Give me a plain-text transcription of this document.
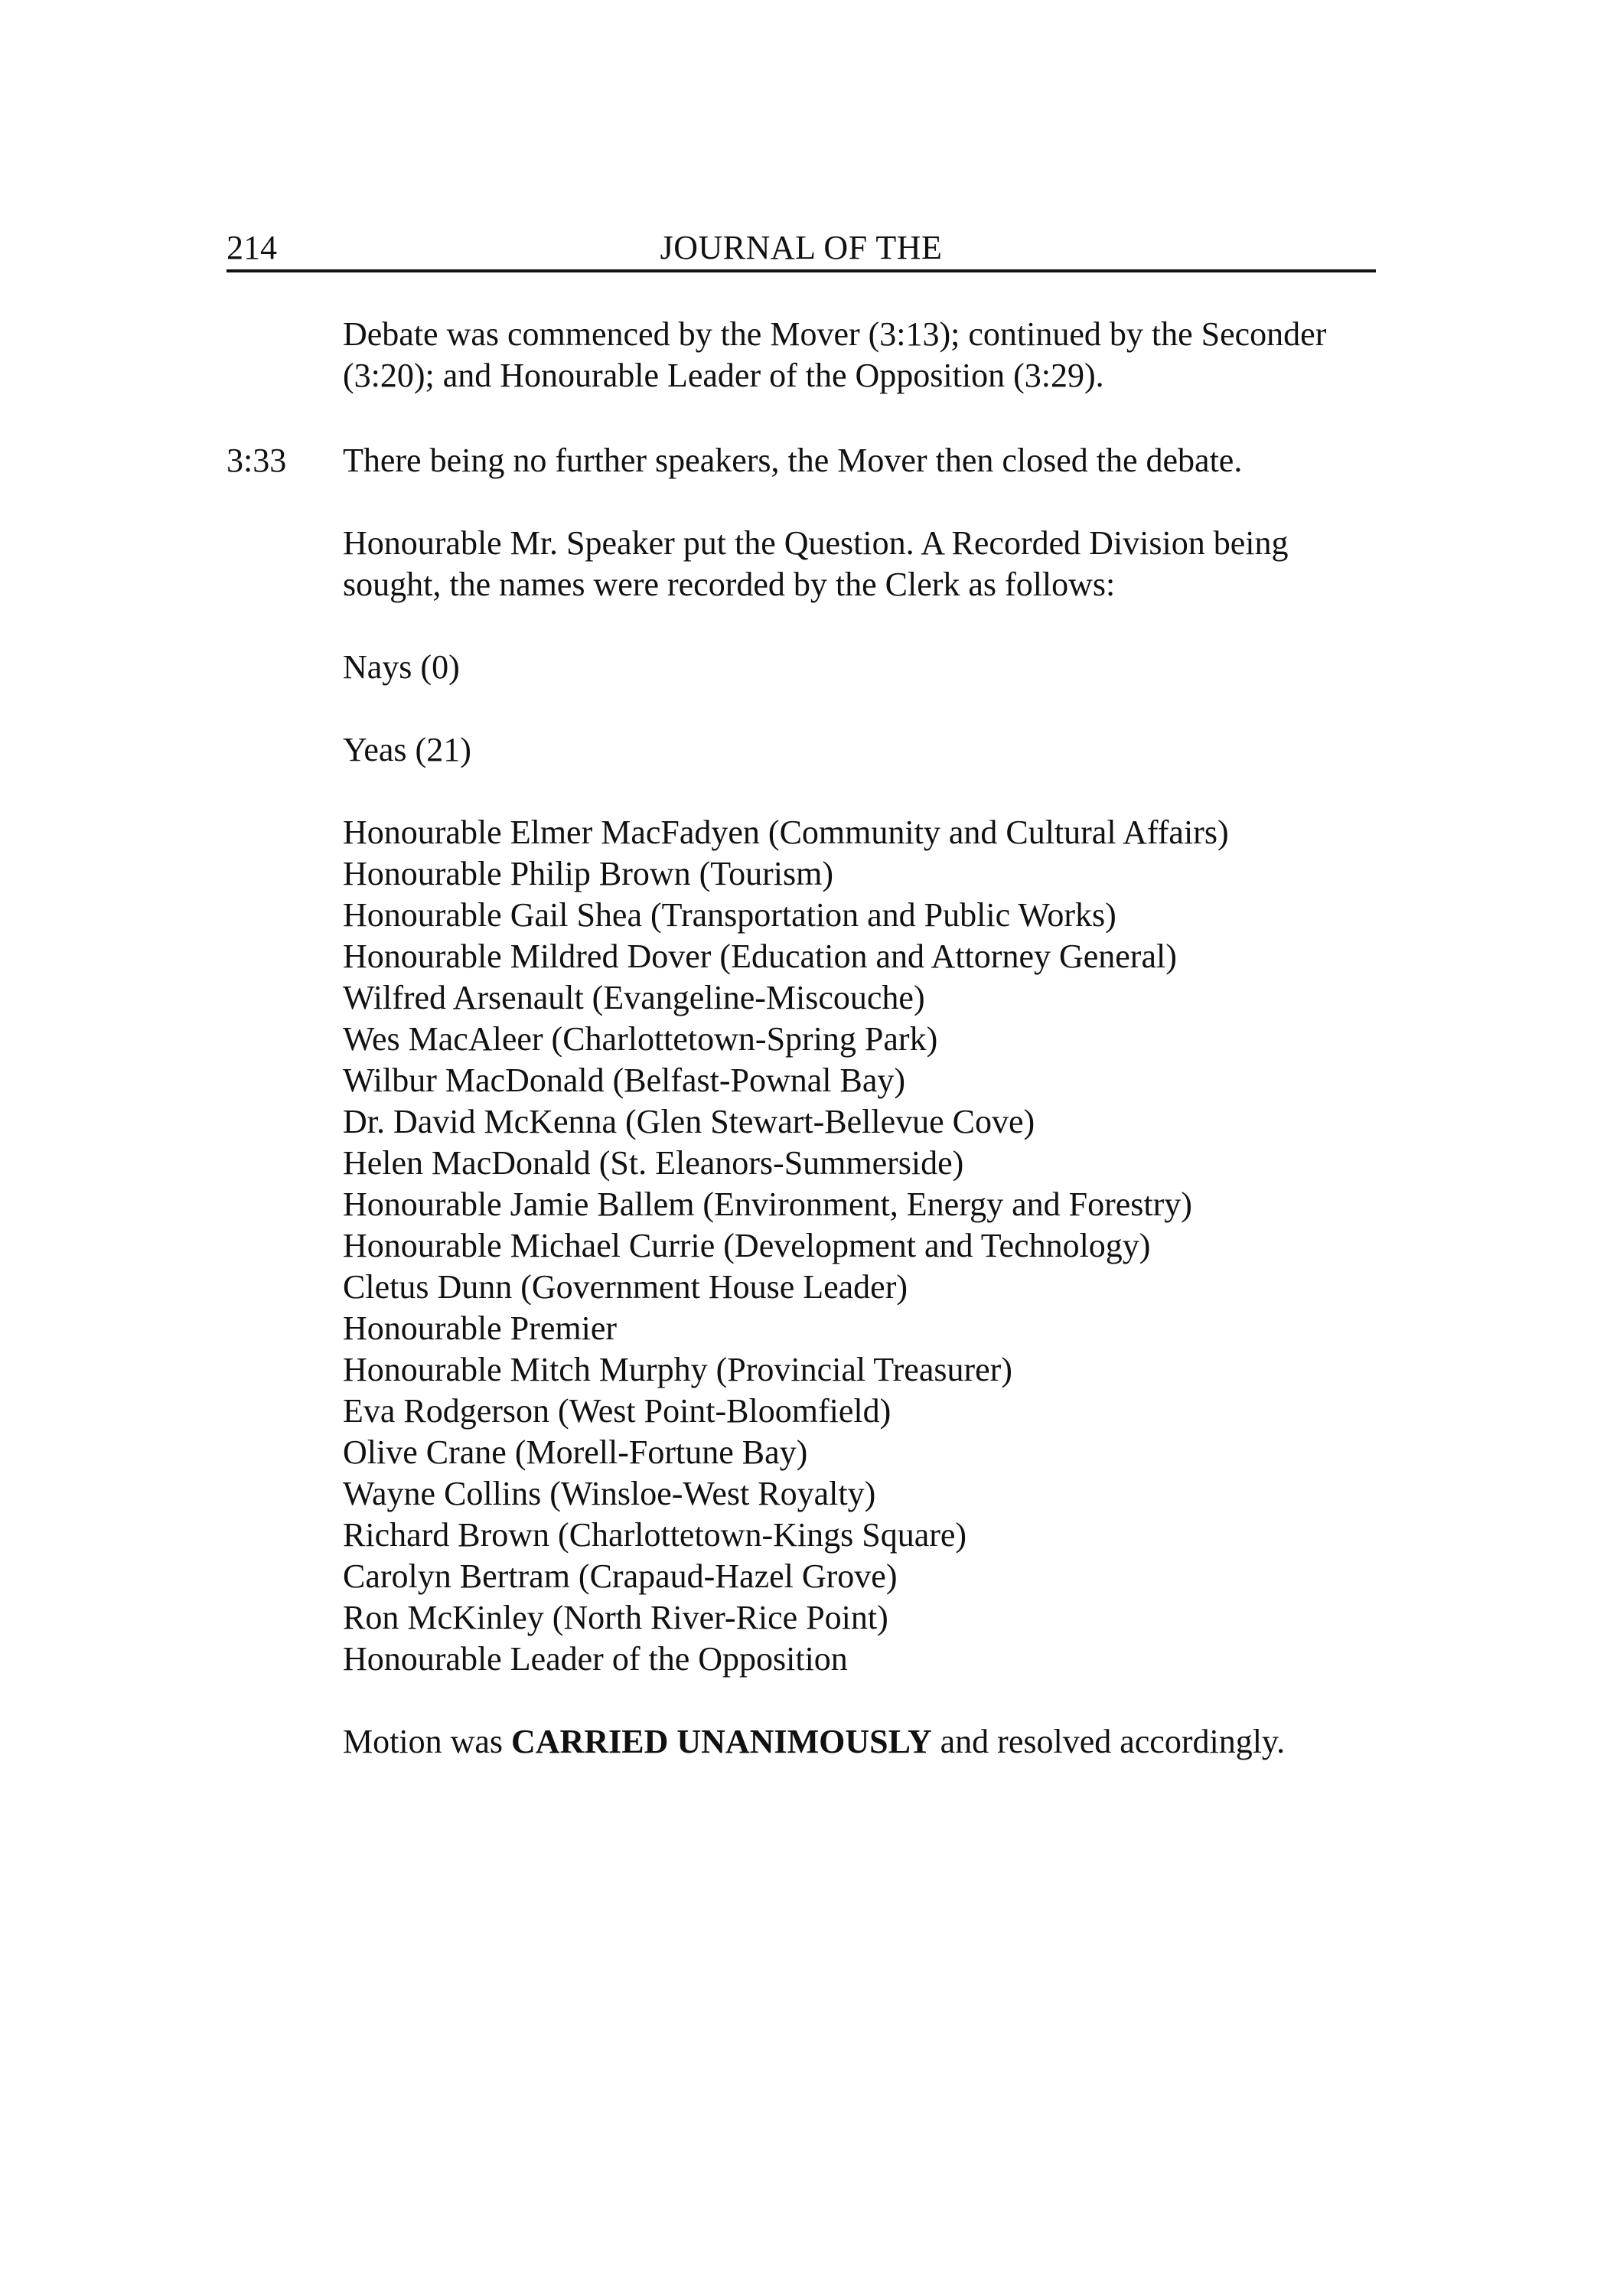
214	JOURNAL OF THE

Debate was commenced by the Mover (3:13); continued by the Seconder (3:20); and Honourable Leader of the Opposition (3:29).

3:33 There being no further speakers, the Mover then closed the debate.

Honourable Mr. Speaker put the Question. A Recorded Division being sought, the names were recorded by the Clerk as follows:

Nays (0)

Yeas (21)

Honourable Elmer MacFadyen (Community and Cultural Affairs)
Honourable Philip Brown (Tourism)
Honourable Gail Shea (Transportation and Public Works)
Honourable Mildred Dover (Education and Attorney General)
Wilfred Arsenault (Evangeline-Miscouche)
Wes MacAleer (Charlottetown-Spring Park)
Wilbur MacDonald (Belfast-Pownal Bay)
Dr. David McKenna (Glen Stewart-Bellevue Cove)
Helen MacDonald (St. Eleanors-Summerside)
Honourable Jamie Ballem (Environment, Energy and Forestry)
Honourable Michael Currie (Development and Technology)
Cletus Dunn (Government House Leader)
Honourable Premier
Honourable Mitch Murphy (Provincial Treasurer)
Eva Rodgerson (West Point-Bloomfield)
Olive Crane (Morell-Fortune Bay)
Wayne Collins (Winsloe-West Royalty)
Richard Brown (Charlottetown-Kings Square)
Carolyn Bertram (Crapaud-Hazel Grove)
Ron McKinley (North River-Rice Point)
Honourable Leader of the Opposition

Motion was CARRIED UNANIMOUSLY and resolved accordingly.
